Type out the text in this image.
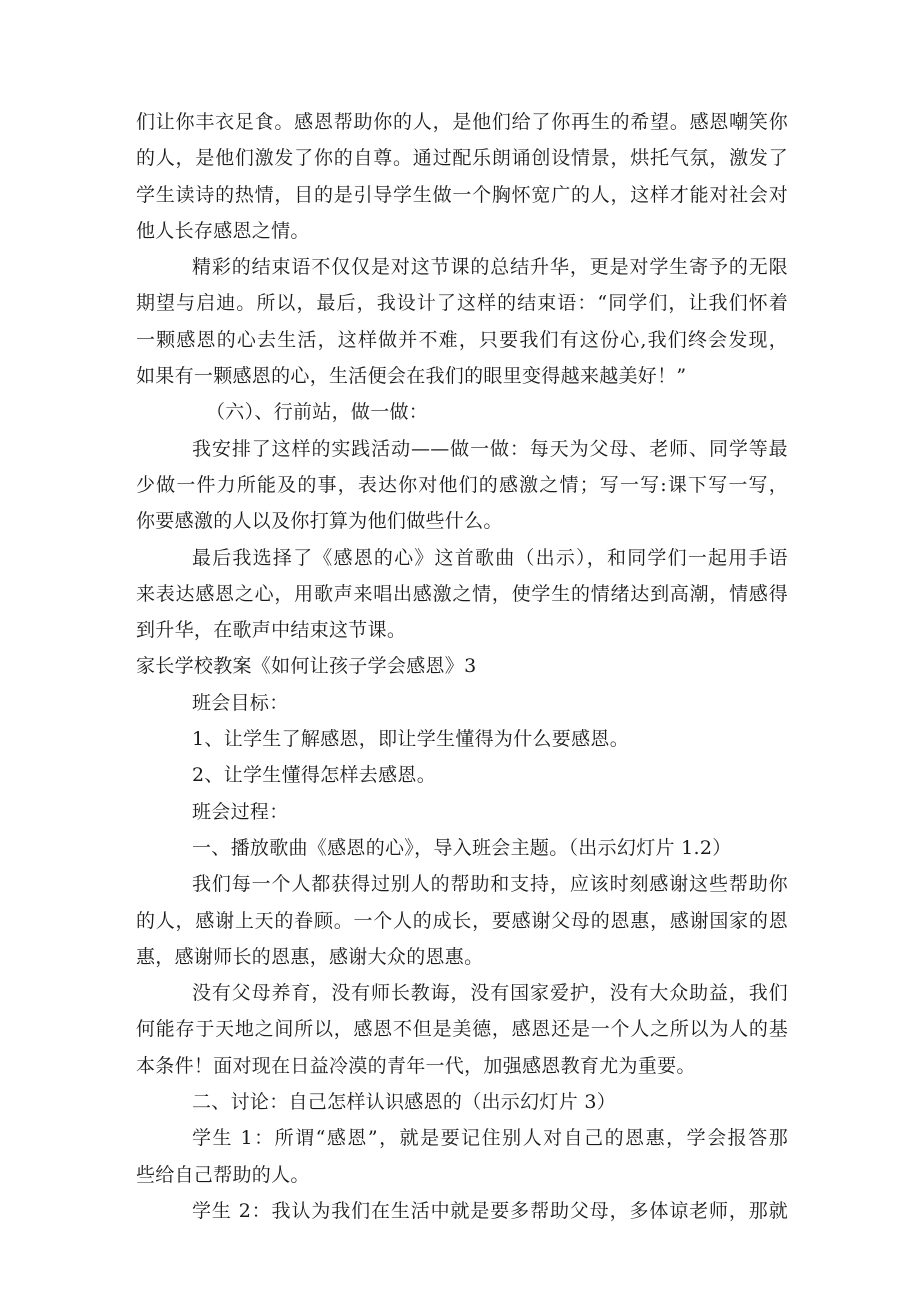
们让你丰衣足食。感恩帮助你的人，是他们给了你再生的希望。感恩嘲笑你
的人，是他们激发了你的自尊。通过配乐朗诵创设情景，烘托气氛，激发了
学生读诗的热情，目的是引导学生做一个胸怀宽广的人，这样才能对社会对
他人长存感恩之情。
精彩的结束语不仅仅是对这节课的总结升华，更是对学生寄予的无限
期望与启迪。所以，最后，我设计了这样的结束语：“同学们，让我们怀着
一颗感恩的心去生活，这样做并不难，只要我们有这份心,我们终会发现，
如果有一颗感恩的心，生活便会在我们的眼里变得越来越美好！”
（六）、行前站，做一做：
我安排了这样的实践活动——做一做：每天为父母、老师、同学等最
少做一件力所能及的事，表达你对他们的感激之情；写一写:课下写一写，
你要感激的人以及你打算为他们做些什么。
最后我选择了《感恩的心》这首歌曲（出示），和同学们一起用手语
来表达感恩之心，用歌声来唱出感激之情，使学生的情绪达到高潮，情感得
到升华，在歌声中结束这节课。
家长学校教案《如何让孩子学会感恩》3
班会目标：
1、让学生了解感恩，即让学生懂得为什么要感恩。
2、让学生懂得怎样去感恩。
班会过程：
一、播放歌曲《感恩的心》，导入班会主题。（出示幻灯片 1.2）
我们每一个人都获得过别人的帮助和支持，应该时刻感谢这些帮助你
的人，感谢上天的眷顾。一个人的成长，要感谢父母的恩惠，感谢国家的恩
惠，感谢师长的恩惠，感谢大众的恩惠。
没有父母养育，没有师长教诲，没有国家爱护，没有大众助益，我们
何能存于天地之间所以，感恩不但是美德，感恩还是一个人之所以为人的基
本条件！面对现在日益冷漠的青年一代，加强感恩教育尤为重要。
二、讨论：自己怎样认识感恩的（出示幻灯片 3）
学生 1：所谓“感恩”，就是要记住别人对自己的恩惠，学会报答那
些给自己帮助的人。
学生 2：我认为我们在生活中就是要多帮助父母，多体谅老师，那就
